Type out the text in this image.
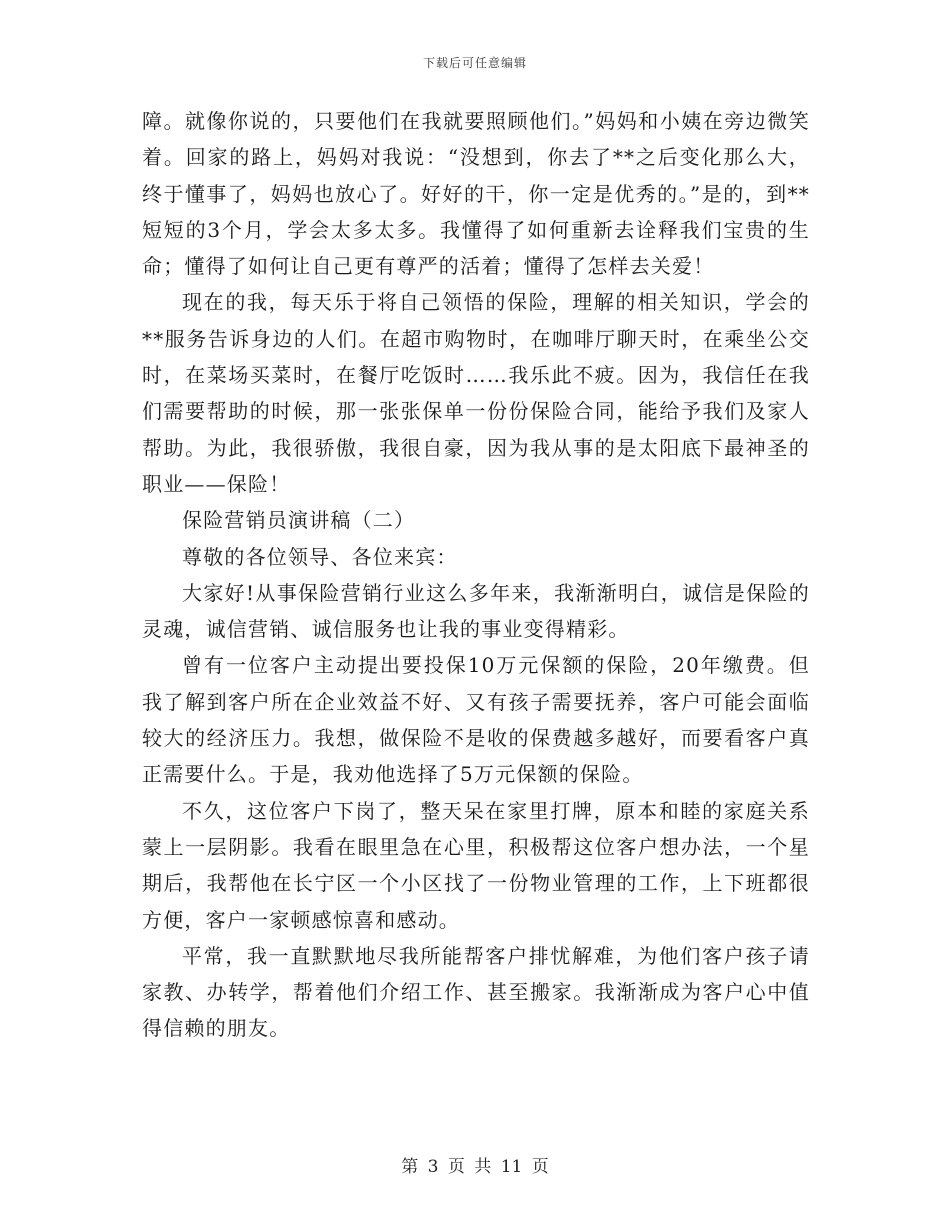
下载后可任意编辑

障。就像你说的，只要他们在我就要照顾他们。”妈妈和小姨在旁边微笑着。回家的路上，妈妈对我说：“没想到，你去了**之后变化那么大，终于懂事了，妈妈也放心了。好好的干，你一定是优秀的。”是的，到**短短的3个月，学会太多太多。我懂得了如何重新去诠释我们宝贵的生命；懂得了如何让自己更有尊严的活着；懂得了怎样去关爱！

现在的我，每天乐于将自己领悟的保险，理解的相关知识，学会的**服务告诉身边的人们。在超市购物时，在咖啡厅聊天时，在乘坐公交时，在菜场买菜时，在餐厅吃饭时……我乐此不疲。因为，我信任在我们需要帮助的时候，那一张张保单一份份保险合同，能给予我们及家人帮助。为此，我很骄傲，我很自豪，因为我从事的是太阳底下最神圣的职业——保险！

保险营销员演讲稿（二）

尊敬的各位领导、各位来宾：

大家好!从事保险营销行业这么多年来，我渐渐明白，诚信是保险的灵魂，诚信营销、诚信服务也让我的事业变得精彩。

曾有一位客户主动提出要投保10万元保额的保险，20年缴费。但我了解到客户所在企业效益不好、又有孩子需要抚养，客户可能会面临较大的经济压力。我想，做保险不是收的保费越多越好，而要看客户真正需要什么。于是，我劝他选择了5万元保额的保险。

不久，这位客户下岗了，整天呆在家里打牌，原本和睦的家庭关系蒙上一层阴影。我看在眼里急在心里，积极帮这位客户想办法，一个星期后，我帮他在长宁区一个小区找了一份物业管理的工作，上下班都很方便，客户一家顿感惊喜和感动。

平常，我一直默默地尽我所能帮客户排忧解难，为他们客户孩子请家教、办转学，帮着他们介绍工作、甚至搬家。我渐渐成为客户心中值得信赖的朋友。

第 3 页 共 11 页
